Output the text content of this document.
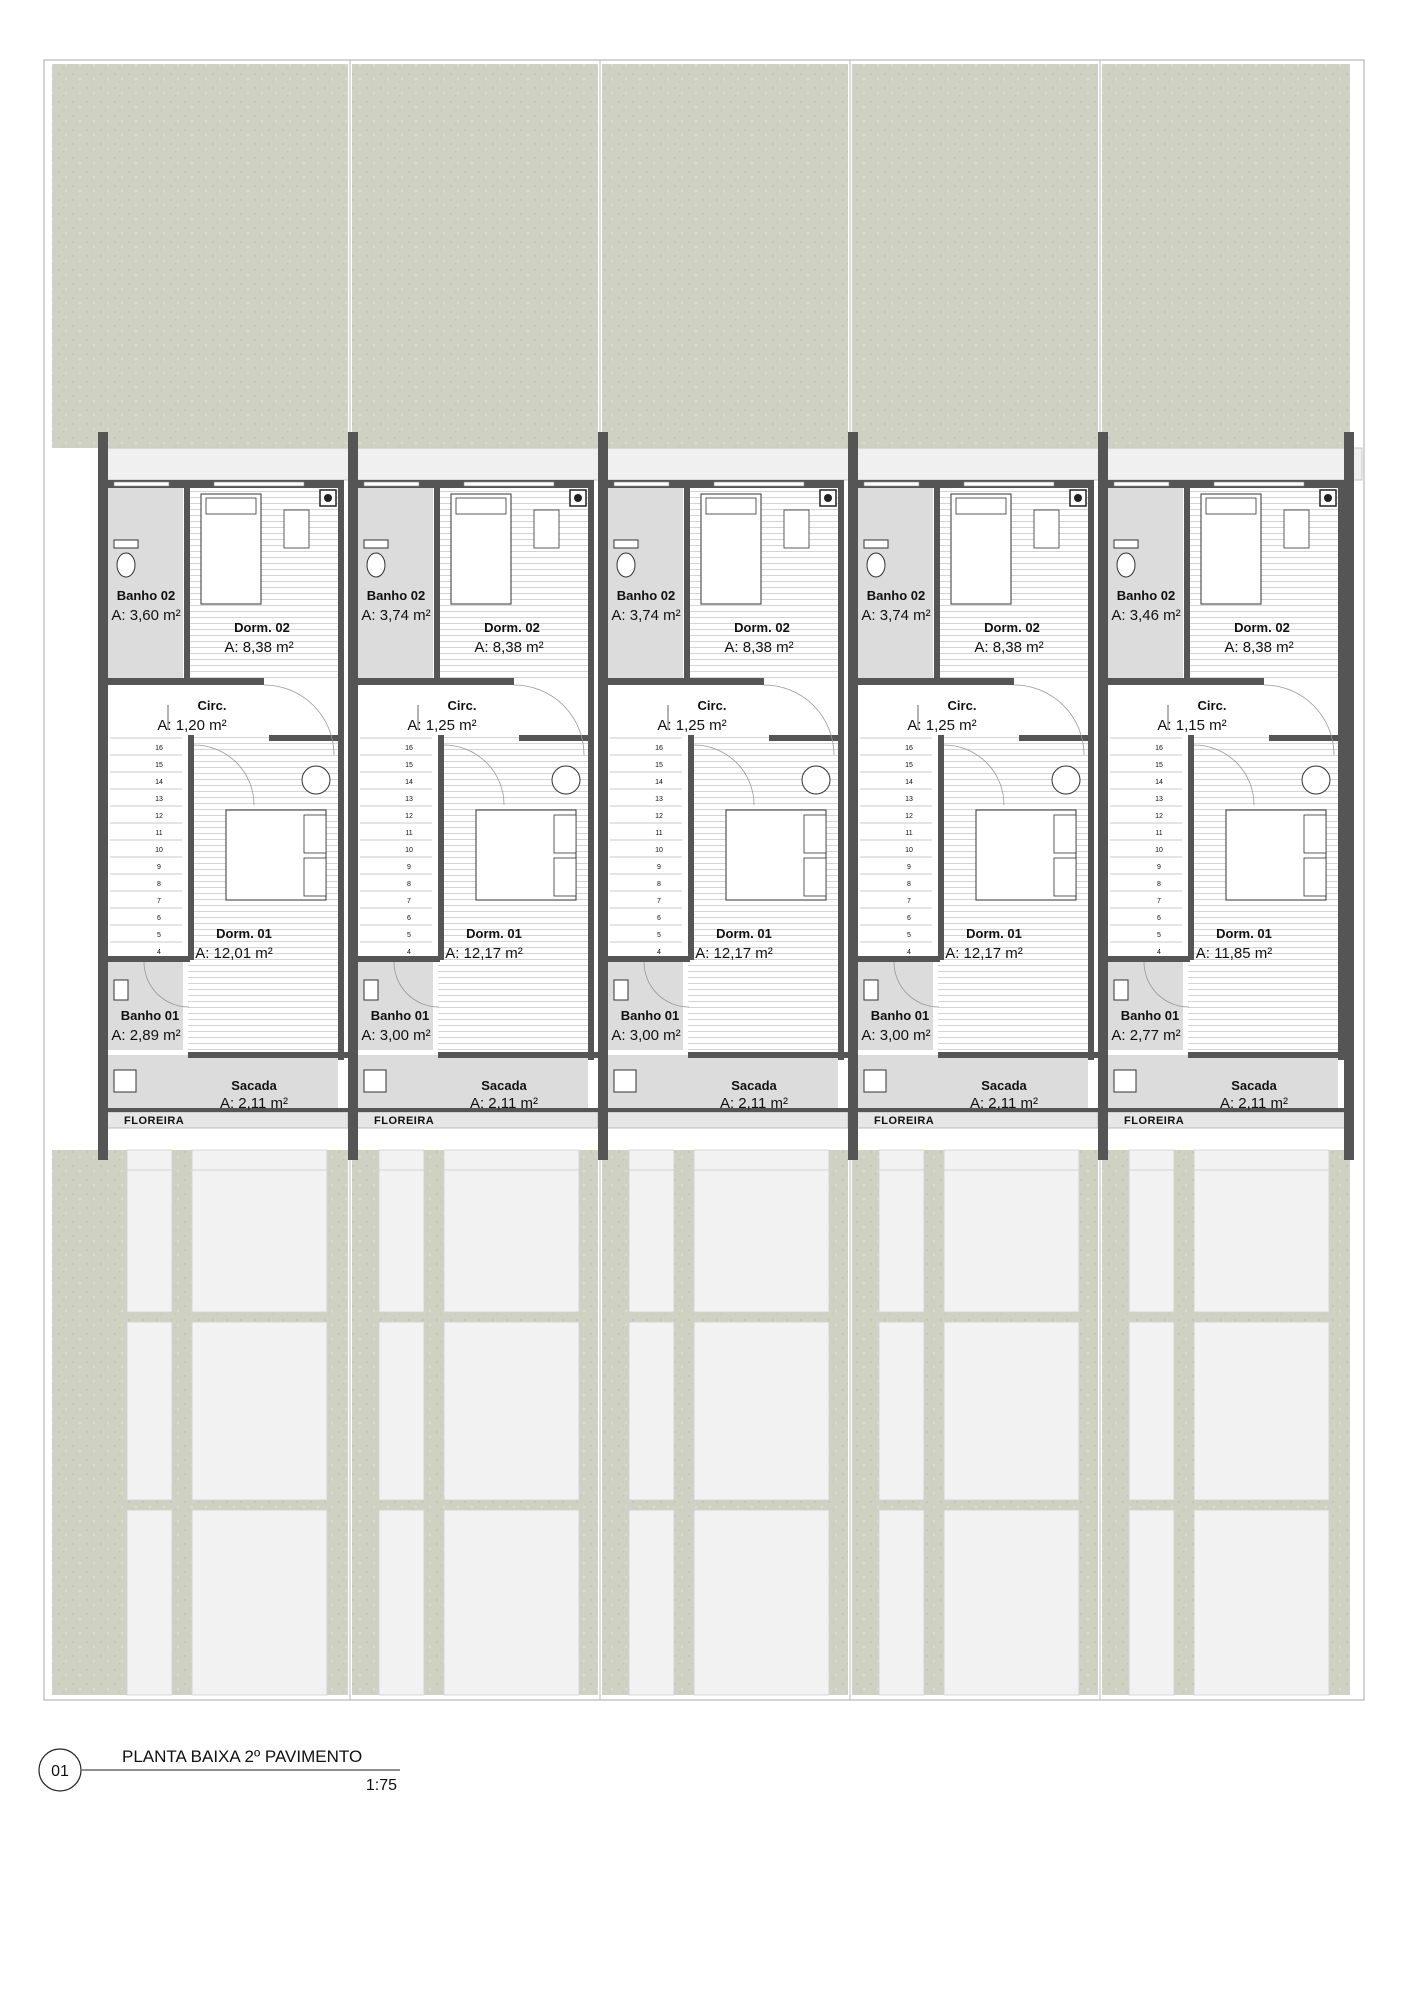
16
15
14
13
12
11
10
9
8
7
6
5
4
Banho 02
A: 3,60 m²
Dorm. 02
A: 8,38 m²
Circ.
A: 1,20 m²
Dorm. 01
A: 12,01 m²
Banho 01
A: 2,89 m²
Sacada
A: 2,11 m²
FLOREIRA
16
15
14
13
12
11
10
9
8
7
6
5
4
Banho 02
A: 3,74 m²
Dorm. 02
A: 8,38 m²
Circ.
A: 1,25 m²
Dorm. 01
A: 12,17 m²
Banho 01
A: 3,00 m²
Sacada
A: 2,11 m²
FLOREIRA
16
15
14
13
12
11
10
9
8
7
6
5
4
Banho 02
A: 3,74 m²
Dorm. 02
A: 8,38 m²
Circ.
A: 1,25 m²
Dorm. 01
A: 12,17 m²
Banho 01
A: 3,00 m²
Sacada
A: 2,11 m²
16
15
14
13
12
11
10
9
8
7
6
5
4
Banho 02
A: 3,74 m²
Dorm. 02
A: 8,38 m²
Circ.
A: 1,25 m²
Dorm. 01
A: 12,17 m²
Banho 01
A: 3,00 m²
Sacada
A: 2,11 m²
FLOREIRA
16
15
14
13
12
11
10
9
8
7
6
5
4
Banho 02
A: 3,46 m²
Dorm. 02
A: 8,38 m²
Circ.
A: 1,15 m²
Dorm. 01
A: 11,85 m²
Banho 01
A: 2,77 m²
Sacada
A: 2,11 m²
FLOREIRA
01
PLANTA BAIXA 2º PAVIMENTO
1:75
